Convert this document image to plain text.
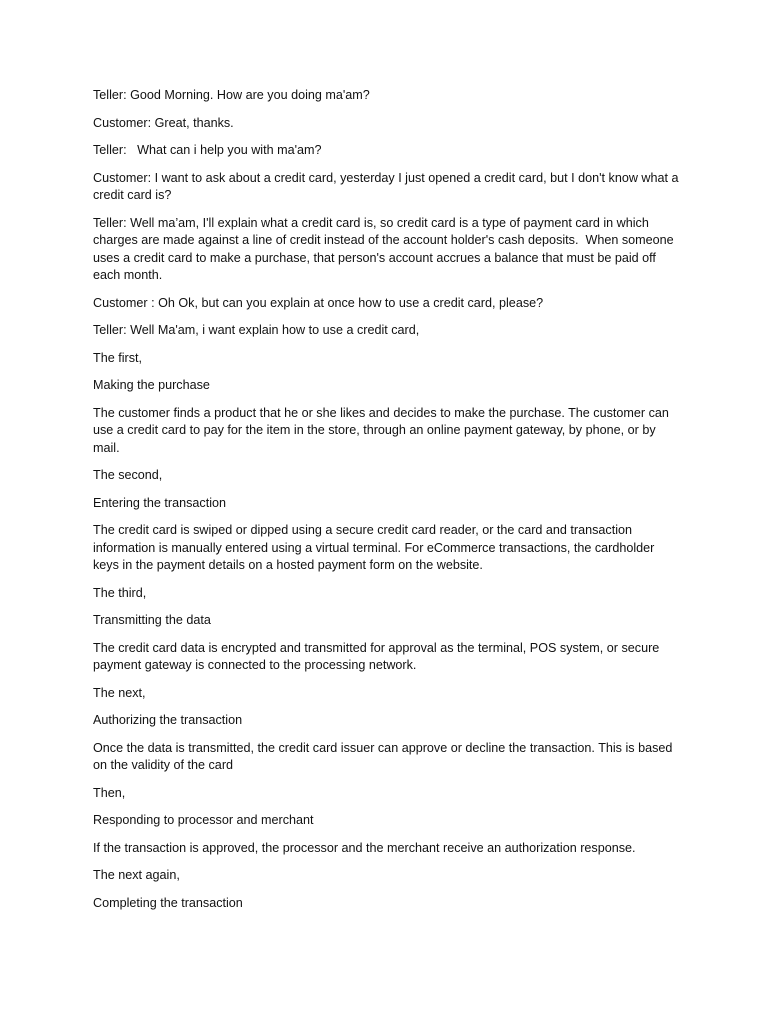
Teller: Good Morning. How are you doing ma'am?

Customer: Great, thanks.

Teller:   What can i help you with ma'am?

Customer: I want to ask about a credit card, yesterday I just opened a credit card, but I don't know what a credit card is?

Teller: Well ma’am, I'll explain what a credit card is, so credit card is a type of payment card in which charges are made against a line of credit instead of the account holder's cash deposits.  When someone uses a credit card to make a purchase, that person's account accrues a balance that must be paid off each month.

Customer : Oh Ok, but can you explain at once how to use a credit card, please?

Teller: Well Ma'am, i want explain how to use a credit card,

The first,

Making the purchase

The customer finds a product that he or she likes and decides to make the purchase. The customer can use a credit card to pay for the item in the store, through an online payment gateway, by phone, or by mail.

The second,

Entering the transaction

The credit card is swiped or dipped using a secure credit card reader, or the card and transaction information is manually entered using a virtual terminal. For eCommerce transactions, the cardholder keys in the payment details on a hosted payment form on the website.

The third,

Transmitting the data

The credit card data is encrypted and transmitted for approval as the terminal, POS system, or secure payment gateway is connected to the processing network.

The next,

Authorizing the transaction

Once the data is transmitted, the credit card issuer can approve or decline the transaction. This is based on the validity of the card

Then,

Responding to processor and merchant

If the transaction is approved, the processor and the merchant receive an authorization response.

The next again,

Completing the transaction
